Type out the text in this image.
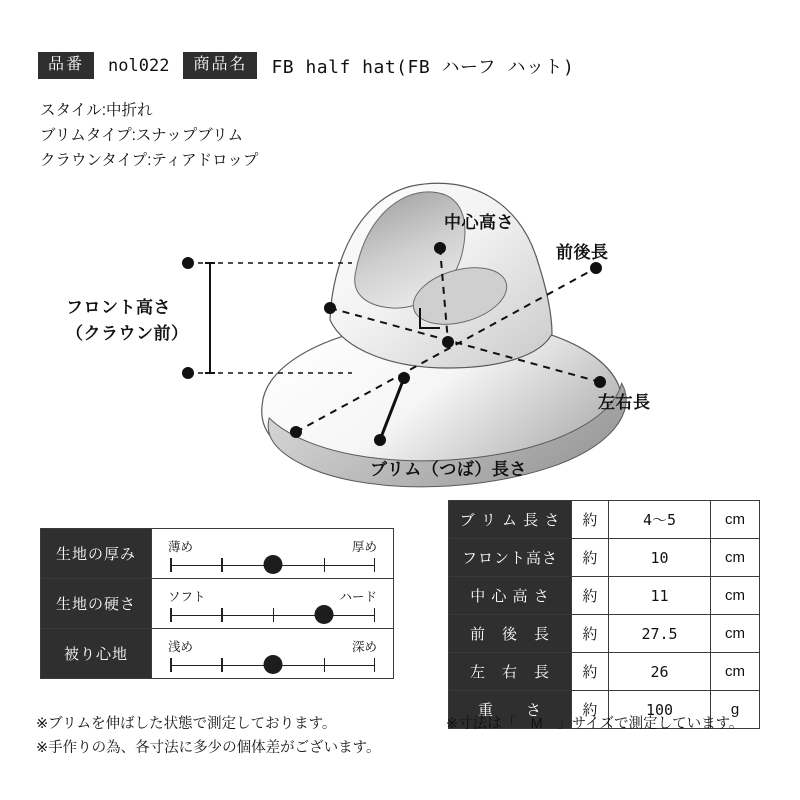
品番	nol022	商品名	FB half hat(FB ハーフ ハット)
スタイル:中折れ
ブリムタイプ:スナップブリム
クラウンタイプ:ティアドロップ
中心高さ
前後長
左右長
ブリム（つば）長さ
フロント高さ
（クラウン前）
生地の厚み	薄め 厚め

生地の硬さ	ソフト ハード

被り心地	浅め 深め
ブ リ ム 長 さ	約	4〜5	cm
フロント高さ	約	10	cm
中 心 高 さ	約	11	cm
前　後　長	約	27.5	cm
左　右　長	約	26	cm
重　　さ	約	100	g
※ブリムを伸ばした状態で測定しております。
※手作りの為、各寸法に多少の個体差がございます。
※寸法は「　M　」サイズで測定しています。
